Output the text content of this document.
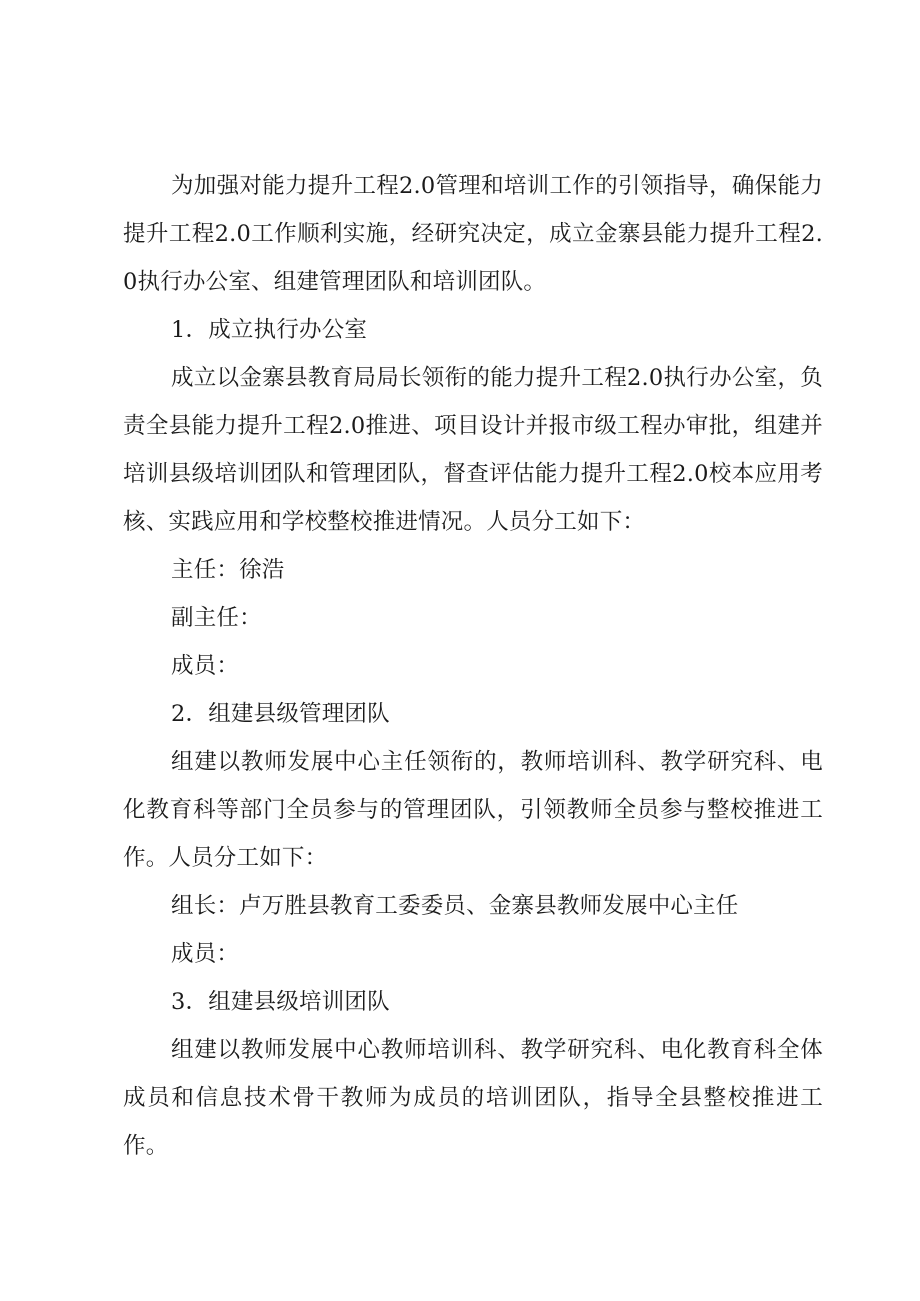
为加强对能力提升工程2.0管理和培训工作的引领指导，确保能力提升工程2.0工作顺利实施，经研究决定，成立金寨县能力提升工程2.0执行办公室、组建管理团队和培训团队。

1．成立执行办公室

成立以金寨县教育局局长领衔的能力提升工程2.0执行办公室，负责全县能力提升工程2.0推进、项目设计并报市级工程办审批，组建并培训县级培训团队和管理团队，督查评估能力提升工程2.0校本应用考核、实践应用和学校整校推进情况。人员分工如下：

主任：徐浩

副主任：

成员：

2．组建县级管理团队

组建以教师发展中心主任领衔的，教师培训科、教学研究科、电化教育科等部门全员参与的管理团队，引领教师全员参与整校推进工作。人员分工如下：

组长：卢万胜县教育工委委员、金寨县教师发展中心主任

成员：

3．组建县级培训团队

组建以教师发展中心教师培训科、教学研究科、电化教育科全体成员和信息技术骨干教师为成员的培训团队，指导全县整校推进工作。
